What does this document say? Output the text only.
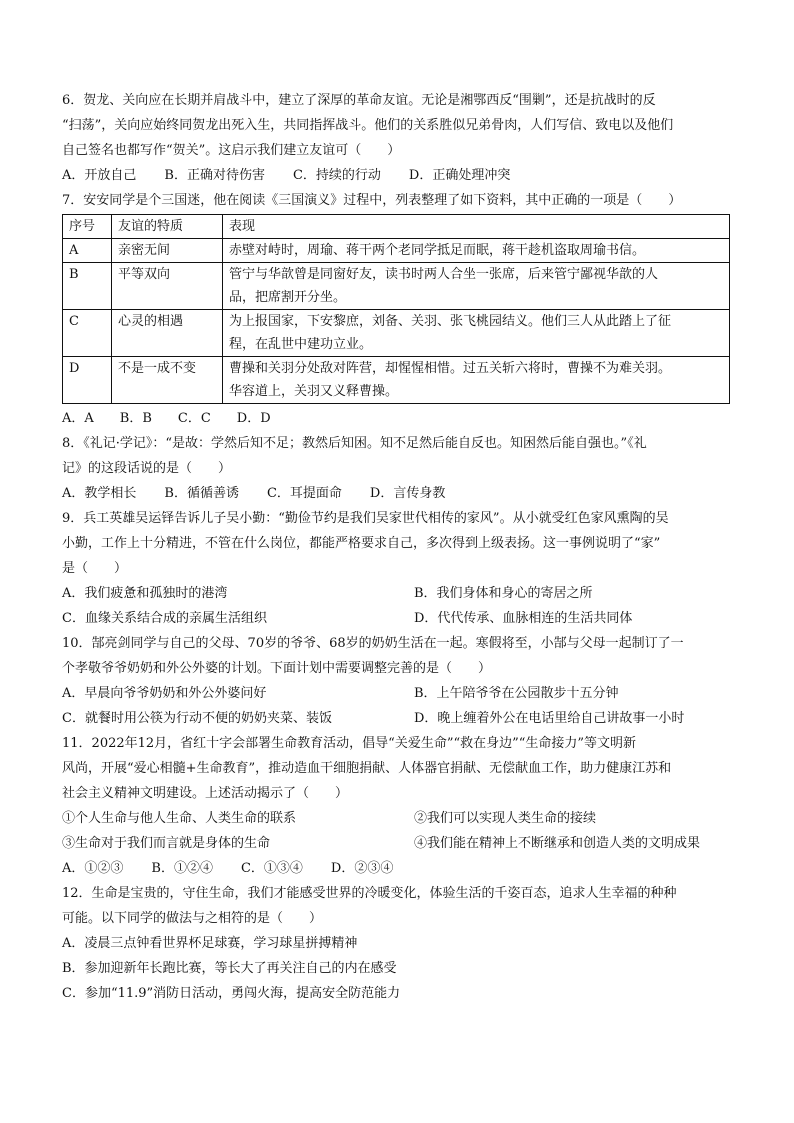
6．贺龙、关向应在长期并肩战斗中，建立了深厚的革命友谊。无论是湘鄂西反“围剿”，还是抗战时的反
“扫荡”，关向应始终同贺龙出死入生，共同指挥战斗。他们的关系胜似兄弟骨肉，人们写信、致电以及他们
自己签名也都写作“贺关”。这启示我们建立友谊可（　　）
A．开放自己 B．正确对待伤害 C．持续的行动 D．正确处理冲突
7．安安同学是个三国迷，他在阅读《三国演义》过程中，列表整理了如下资料，其中正确的一项是（　　）
序号	友谊的特质	表现
A	亲密无间	赤壁对峙时，周瑜、蒋干两个老同学抵足而眠，蒋干趁机盗取周瑜书信。

B	平等双向	管宁与华歆曾是同窗好友，读书时两人合坐一张席，后来管宁鄙视华歆的人
品，把席割开分坐。

C	心灵的相遇	为上报国家，下安黎庶，刘备、关羽、张飞桃园结义。他们三人从此踏上了征
程，在乱世中建功立业。

D	不是一成不变	曹操和关羽分处敌对阵营，却惺惺相惜。过五关斩六将时，曹操不为难关羽。
华容道上，关羽又义释曹操。
A．A　　B．B　　C．C　　D．D
8．《礼记·学记》：“是故：学然后知不足；教然后知困。知不足然后能自反也。知困然后能自强也。”《礼
记》的这段话说的是（　　）
A．教学相长 B．循循善诱 C．耳提面命 D．言传身教
9．兵工英雄吴运铎告诉儿子吴小勤：“勤俭节约是我们吴家世代相传的家风”。从小就受红色家风熏陶的吴
小勤，工作上十分精进，不管在什么岗位，都能严格要求自己，多次得到上级表扬。这一事例说明了“家”
是（　　）
A．我们疲惫和孤独时的港湾	B．我们身体和身心的寄居之所
C．血缘关系结合成的亲属生活组织	D．代代传承、血脉相连的生活共同体
10．郜亮剑同学与自己的父母、70岁的爷爷、68岁的奶奶生活在一起。寒假将至，小郜与父母一起制订了一
个孝敬爷爷奶奶和外公外婆的计划。下面计划中需要调整完善的是（　　）
A．早晨向爷爷奶奶和外公外婆问好	B．上午陪爷爷在公园散步十五分钟
C．就餐时用公筷为行动不便的奶奶夹菜、装饭	D．晚上缠着外公在电话里给自己讲故事一小时
11．2022年12月，省红十字会部署生命教育活动，倡导“关爱生命”“救在身边”“生命接力”等文明新
风尚，开展“爱心相髓+生命教育”，推动造血干细胞捐献、人体器官捐献、无偿献血工作，助力健康江苏和
社会主义精神文明建设。上述活动揭示了（　　）
①个人生命与他人生命、人类生命的联系	②我们可以实现人类生命的接续
③生命对于我们而言就是身体的生命	④我们能在精神上不断继承和创造人类的文明成果
A．①②③ B．①②④ C．①③④ D．②③④
12．生命是宝贵的，守住生命，我们才能感受世界的冷暖变化，体验生活的千姿百态，追求人生幸福的种种
可能。以下同学的做法与之相符的是（　　）
A．凌晨三点钟看世界杯足球赛，学习球星拼搏精神
B．参加迎新年长跑比赛，等长大了再关注自己的内在感受
C．参加“11.9”消防日活动，勇闯火海，提高安全防范能力
